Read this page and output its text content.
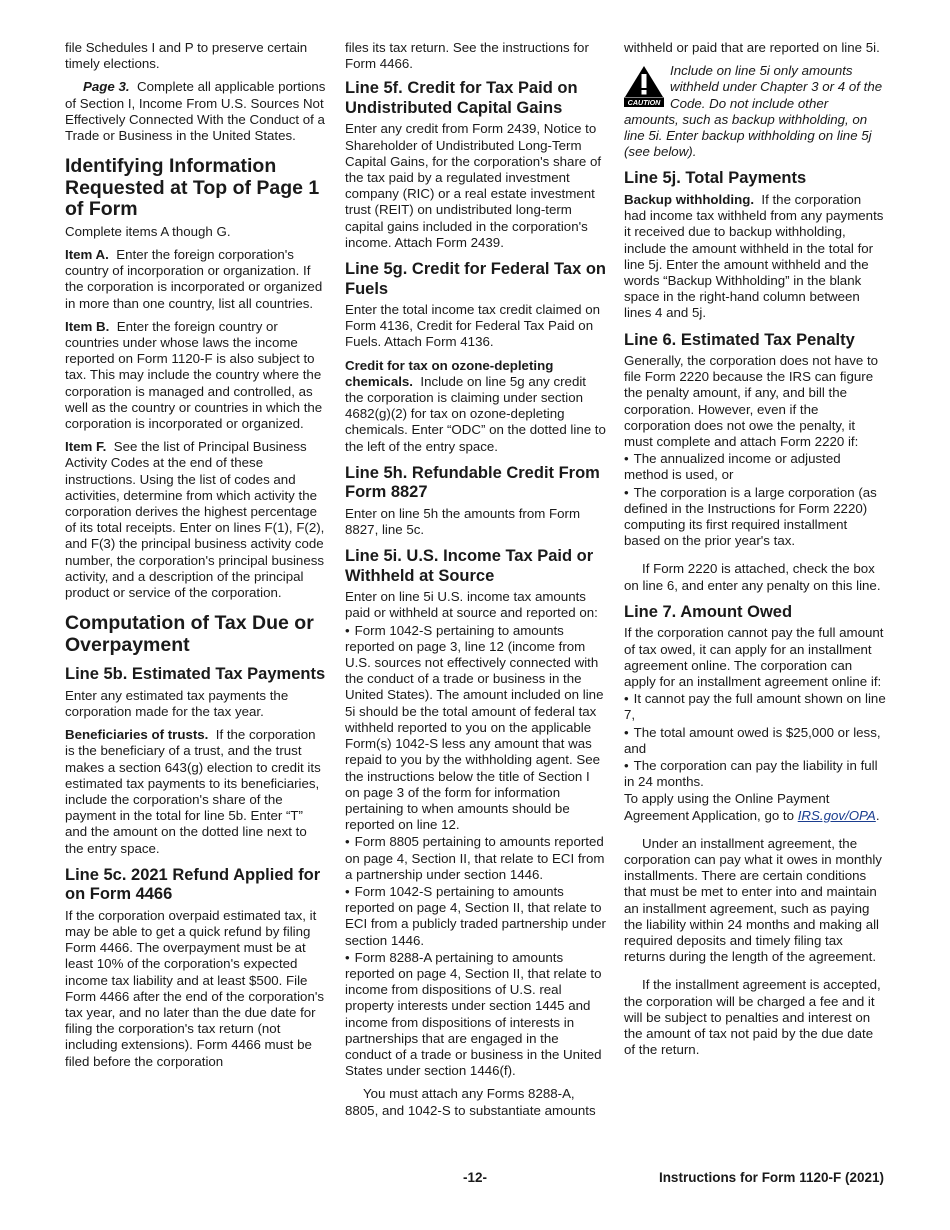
file Schedules I and P to preserve certain timely elections.

Page 3. Complete all applicable portions of Section I, Income From U.S. Sources Not Effectively Connected With the Conduct of a Trade or Business in the United States.

Identifying Information Requested at Top of Page 1 of Form

Complete items A though G.

Item A. Enter the foreign corporation's country of incorporation or organization. If the corporation is incorporated or organized in more than one country, list all countries.

Item B. Enter the foreign country or countries under whose laws the income reported on Form 1120-F is also subject to tax. This may include the country where the corporation is managed and controlled, as well as the country or countries in which the corporation is incorporated or organized.

Item F. See the list of Principal Business Activity Codes at the end of these instructions. Using the list of codes and activities, determine from which activity the corporation derives the highest percentage of its total receipts. Enter on lines F(1), F(2), and F(3) the principal business activity code number, the corporation's principal business activity, and a description of the principal product or service of the corporation.

Computation of Tax Due or Overpayment
Line 5b. Estimated Tax Payments

Enter any estimated tax payments the corporation made for the tax year.

Beneficiaries of trusts. If the corporation is the beneficiary of a trust, and the trust makes a section 643(g) election to credit its estimated tax payments to its beneficiaries, include the corporation's share of the payment in the total for line 5b. Enter “T” and the amount on the dotted line next to the entry space.

Line 5c. 2021 Refund Applied for on Form 4466

If the corporation overpaid estimated tax, it may be able to get a quick refund by filing Form 4466. The overpayment must be at least 10% of the corporation's expected income tax liability and at least $500. File Form 4466 after the end of the corporation's tax year, and no later than the due date for filing the corporation's tax return (not including extensions). Form 4466 must be filed before the corporation

files its tax return. See the instructions for Form 4466.

Line 5f. Credit for Tax Paid on Undistributed Capital Gains

Enter any credit from Form 2439, Notice to Shareholder of Undistributed Long-Term Capital Gains, for the corporation's share of the tax paid by a regulated investment company (RIC) or a real estate investment trust (REIT) on undistributed long-term capital gains included in the corporation's income. Attach Form 2439.

Line 5g. Credit for Federal Tax on Fuels

Enter the total income tax credit claimed on Form 4136, Credit for Federal Tax Paid on Fuels. Attach Form 4136.

Credit for tax on ozone-depleting chemicals. Include on line 5g any credit the corporation is claiming under section 4682(g)(2) for tax on ozone-depleting chemicals. Enter “ODC” on the dotted line to the left of the entry space.

Line 5h. Refundable Credit From Form 8827

Enter on line 5h the amounts from Form 8827, line 5c.

Line 5i. U.S. Income Tax Paid or Withheld at Source

Enter on line 5i U.S. income tax amounts paid or withheld at source and reported on:

• Form 1042-S pertaining to amounts reported on page 3, line 12 (income from U.S. sources not effectively connected with the conduct of a trade or business in the United States). The amount included on line 5i should be the total amount of federal tax withheld reported to you on the applicable Form(s) 1042-S less any amount that was repaid to you by the withholding agent. See the instructions below the title of Section I on page 3 of the form for information pertaining to when amounts should be reported on line 12.

• Form 8805 pertaining to amounts reported on page 4, Section II, that relate to ECI from a partnership under section 1446.

• Form 1042-S pertaining to amounts reported on page 4, Section II, that relate to ECI from a publicly traded partnership under section 1446.

• Form 8288-A pertaining to amounts reported on page 4, Section II, that relate to income from dispositions of U.S. real property interests under section 1445 and income from dispositions of interests in partnerships that are engaged in the conduct of a trade or business in the United States under section 1446(f).

You must attach any Forms 8288-A, 8805, and 1042-S to substantiate amounts

withheld or paid that are reported on line 5i.

CAUTION
Include on line 5i only amounts withheld under Chapter 3 or 4 of the Code. Do not include other amounts, such as backup withholding, on line 5i. Enter backup withholding on line 5j (see below).
Line 5j. Total Payments

Backup withholding. If the corporation had income tax withheld from any payments it received due to backup withholding, include the amount withheld in the total for line 5j. Enter the amount withheld and the words “Backup Withholding” in the blank space in the right-hand column between lines 4 and 5j.

Line 6. Estimated Tax Penalty

Generally, the corporation does not have to file Form 2220 because the IRS can figure the penalty amount, if any, and bill the corporation. However, even if the corporation does not owe the penalty, it must complete and attach Form 2220 if:

• The annualized income or adjusted method is used, or

• The corporation is a large corporation (as defined in the Instructions for Form 2220) computing its first required installment based on the prior year's tax.

If Form 2220 is attached, check the box on line 6, and enter any penalty on this line.

Line 7. Amount Owed

If the corporation cannot pay the full amount of tax owed, it can apply for an installment agreement online. The corporation can apply for an installment agreement online if:

• It cannot pay the full amount shown on line 7,

• The total amount owed is $25,000 or less, and

• The corporation can pay the liability in full in 24 months.

To apply using the Online Payment Agreement Application, go to IRS.gov/OPA.

Under an installment agreement, the corporation can pay what it owes in monthly installments. There are certain conditions that must be met to enter into and maintain an installment agreement, such as paying the liability within 24 months and making all required deposits and timely filing tax returns during the length of the agreement.

If the installment agreement is accepted, the corporation will be charged a fee and it will be subject to penalties and interest on the amount of tax not paid by the due date of the return.

-12-	Instructions for Form 1120-F (2021)
